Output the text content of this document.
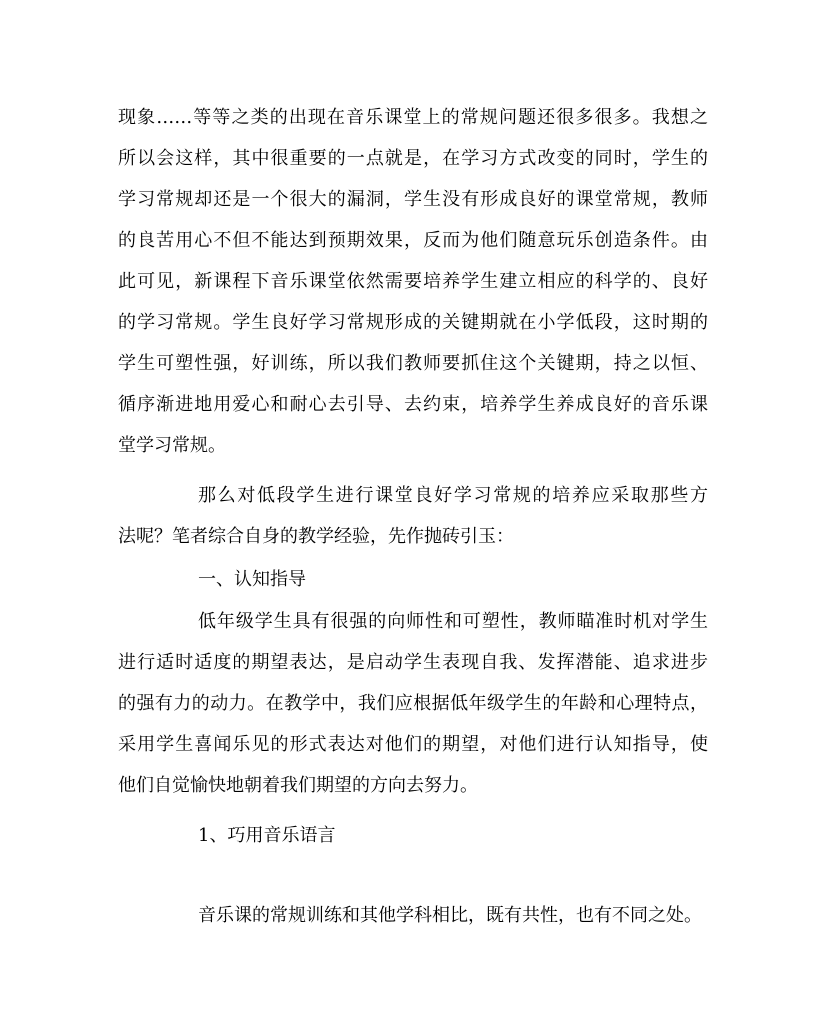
现象……等等之类的出现在音乐课堂上的常规问题还很多很多。我想之
所以会这样，其中很重要的一点就是，在学习方式改变的同时，学生的
学习常规却还是一个很大的漏洞，学生没有形成良好的课堂常规，教师
的良苦用心不但不能达到预期效果，反而为他们随意玩乐创造条件。由
此可见，新课程下音乐课堂依然需要培养学生建立相应的科学的、良好
的学习常规。学生良好学习常规形成的关键期就在小学低段，这时期的
学生可塑性强，好训练，所以我们教师要抓住这个关键期，持之以恒、
循序渐进地用爱心和耐心去引导、去约束，培养学生养成良好的音乐课
堂学习常规。
那么对低段学生进行课堂良好学习常规的培养应采取那些方
法呢？笔者综合自身的教学经验，先作抛砖引玉：
一、认知指导
低年级学生具有很强的向师性和可塑性，教师瞄准时机对学生
进行适时适度的期望表达，是启动学生表现自我、发挥潜能、追求进步
的强有力的动力。在教学中，我们应根据低年级学生的年龄和心理特点，
采用学生喜闻乐见的形式表达对他们的期望，对他们进行认知指导，使
他们自觉愉快地朝着我们期望的方向去努力。
1、巧用音乐语言
音乐课的常规训练和其他学科相比，既有共性，也有不同之处。
